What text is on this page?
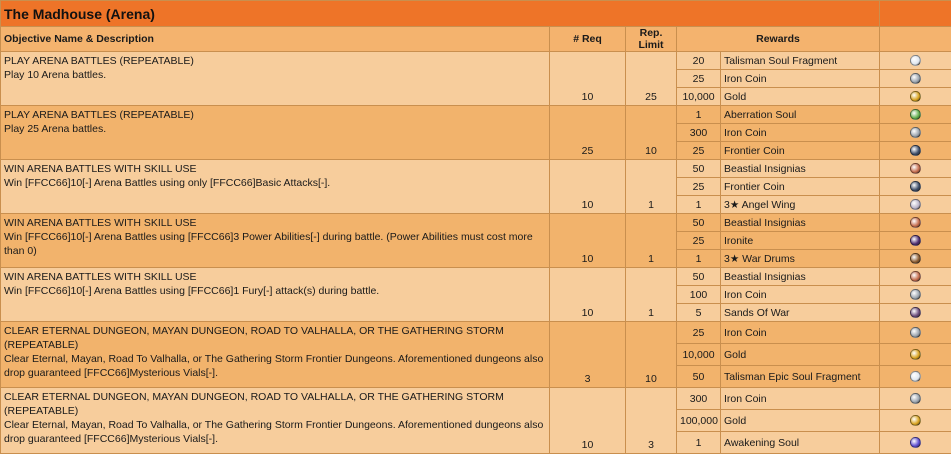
The Madhouse (Arena)					
Objective Name & Description	# Req	Rep. Limit	Rewards		

PLAY ARENA BATTLES (REPEATABLE)
Play 10 Arena battles.	10	25	20	Talisman Soul Fragment	
			25	Iron Coin	
			10,000	Gold	

PLAY ARENA BATTLES (REPEATABLE)
Play 25 Arena battles.	25	10	1	Aberration Soul	
			300	Iron Coin	
			25	Frontier Coin	

WIN ARENA BATTLES WITH SKILL USE
Win [FFCC66]10[-] Arena Battles using only [FFCC66]Basic Attacks[-].	10	1	50	Beastial Insignias	
			25	Frontier Coin	
			1	3★ Angel Wing	

WIN ARENA BATTLES WITH SKILL USE
Win [FFCC66]10[-] Arena Battles using [FFCC66]3 Power Abilities[-] during battle. (Power Abilities must cost more than 0)	10	1	50	Beastial Insignias	
			25	Ironite	
			1	3★ War Drums	

WIN ARENA BATTLES WITH SKILL USE
Win [FFCC66]10[-] Arena Battles using [FFCC66]1 Fury[-] attack(s) during battle.	10	1	50	Beastial Insignias	
			100	Iron Coin	
			5	Sands Of War	

CLEAR ETERNAL DUNGEON, MAYAN DUNGEON, ROAD TO VALHALLA, OR THE GATHERING STORM (REPEATABLE)
Clear Eternal, Mayan, Road To Valhalla, or The Gathering Storm Frontier Dungeons. Aforementioned dungeons also drop guaranteed [FFCC66]Mysterious Vials[-].	3	10	25	Iron Coin	
			10,000	Gold	
			50	Talisman Epic Soul Fragment	

CLEAR ETERNAL DUNGEON, MAYAN DUNGEON, ROAD TO VALHALLA, OR THE GATHERING STORM (REPEATABLE)
Clear Eternal, Mayan, Road To Valhalla, or The Gathering Storm Frontier Dungeons. Aforementioned dungeons also drop guaranteed [FFCC66]Mysterious Vials[-].	10	3	300	Iron Coin	
			100,000	Gold	
			1	Awakening Soul	
